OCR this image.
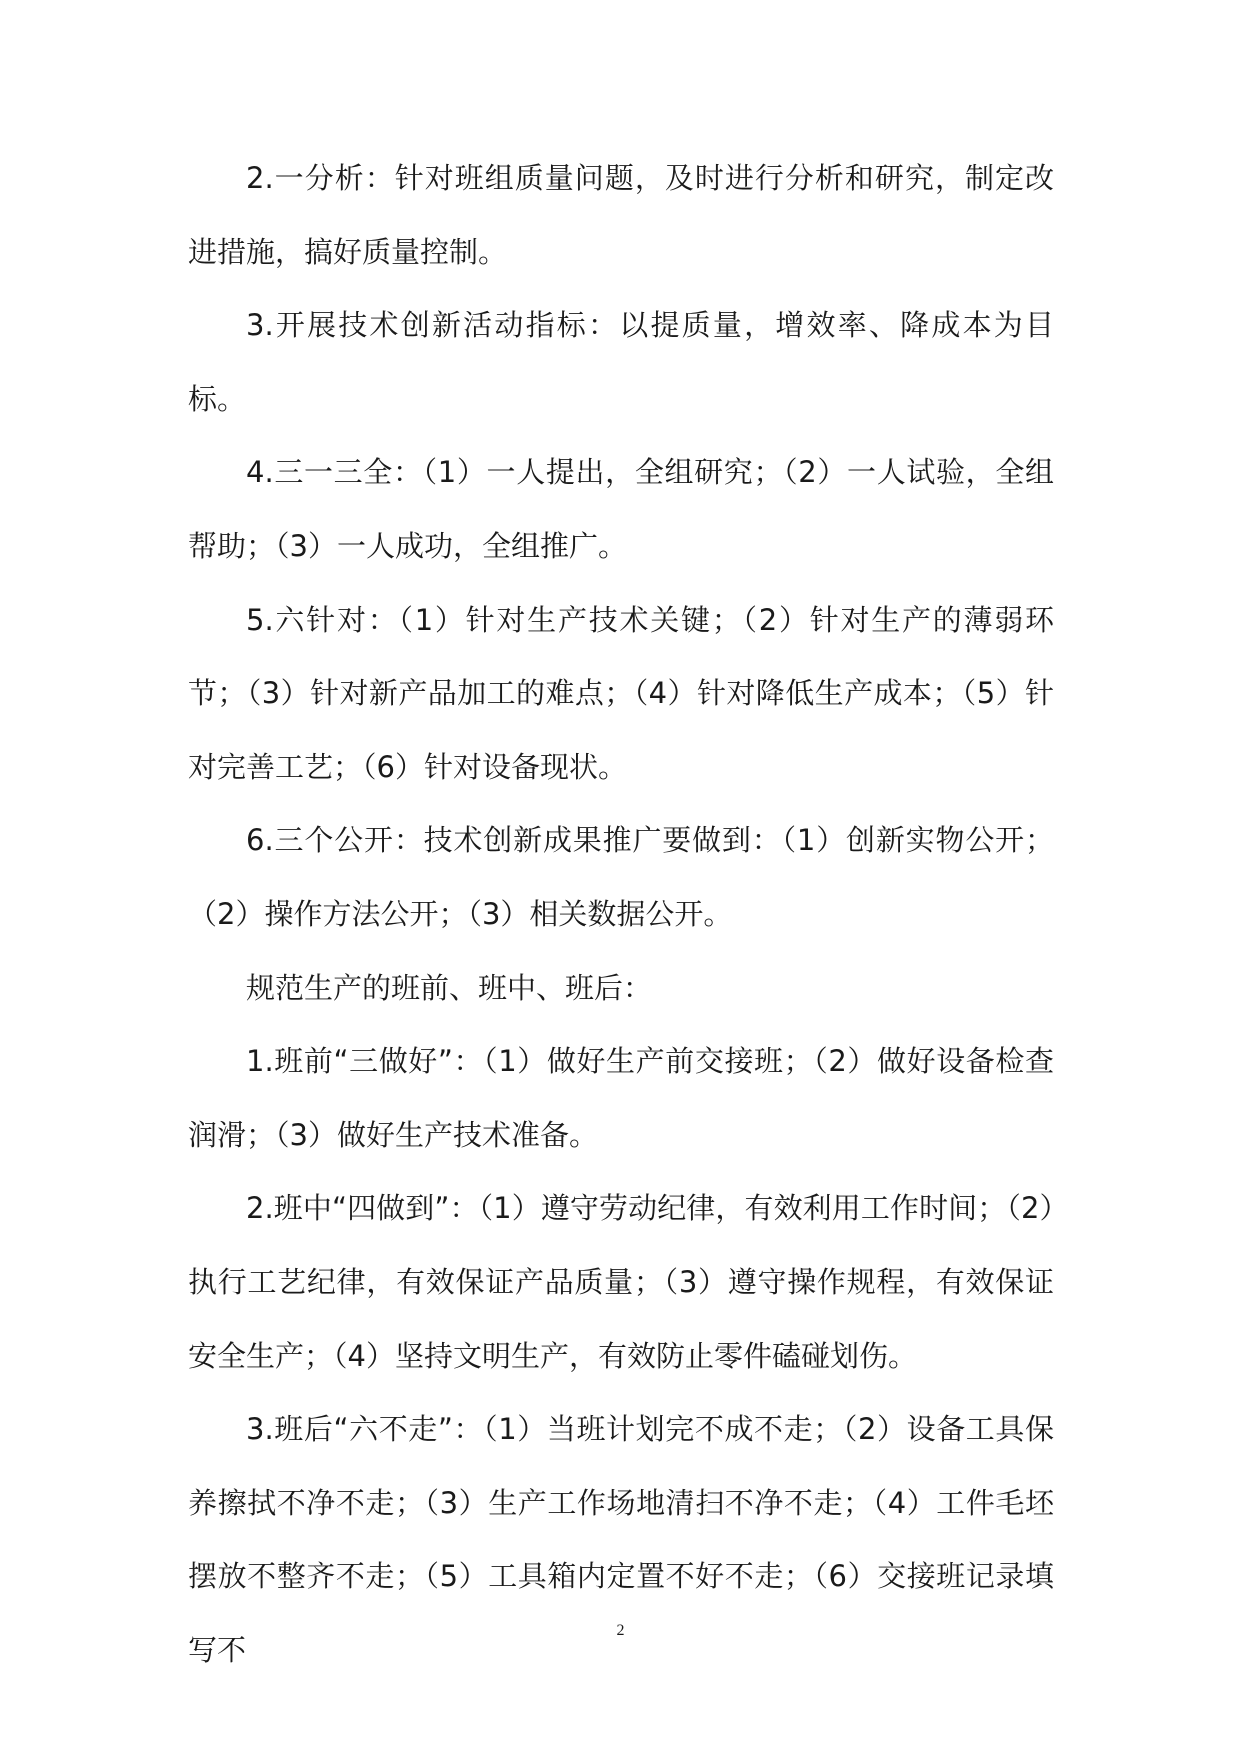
2.一分析：针对班组质量问题，及时进行分析和研究，制定改进措施，搞好质量控制。

3.开展技术创新活动指标：以提质量，增效率、降成本为目标。

4.三一三全：（1）一人提出，全组研究；（2）一人试验，全组帮助；（3）一人成功，全组推广。

5.六针对：（1）针对生产技术关键；（2）针对生产的薄弱环节；（3）针对新产品加工的难点；（4）针对降低生产成本；（5）针对完善工艺；（6）针对设备现状。

6.三个公开：技术创新成果推广要做到：（1）创新实物公开；（2）操作方法公开；（3）相关数据公开。

规范生产的班前、班中、班后：

1.班前“三做好”：（1）做好生产前交接班；（2）做好设备检查润滑；（3）做好生产技术准备。

2.班中“四做到”：（1）遵守劳动纪律，有效利用工作时间；（2）执行工艺纪律，有效保证产品质量；（3）遵守操作规程，有效保证安全生产；（4）坚持文明生产，有效防止零件磕碰划伤。

3.班后“六不走”：（1）当班计划完不成不走；（2）设备工具保养擦拭不净不走；（3）生产工作场地清扫不净不走；（4）工件毛坯摆放不整齐不走；（5）工具箱内定置不好不走；（6）交接班记录填写不

2
